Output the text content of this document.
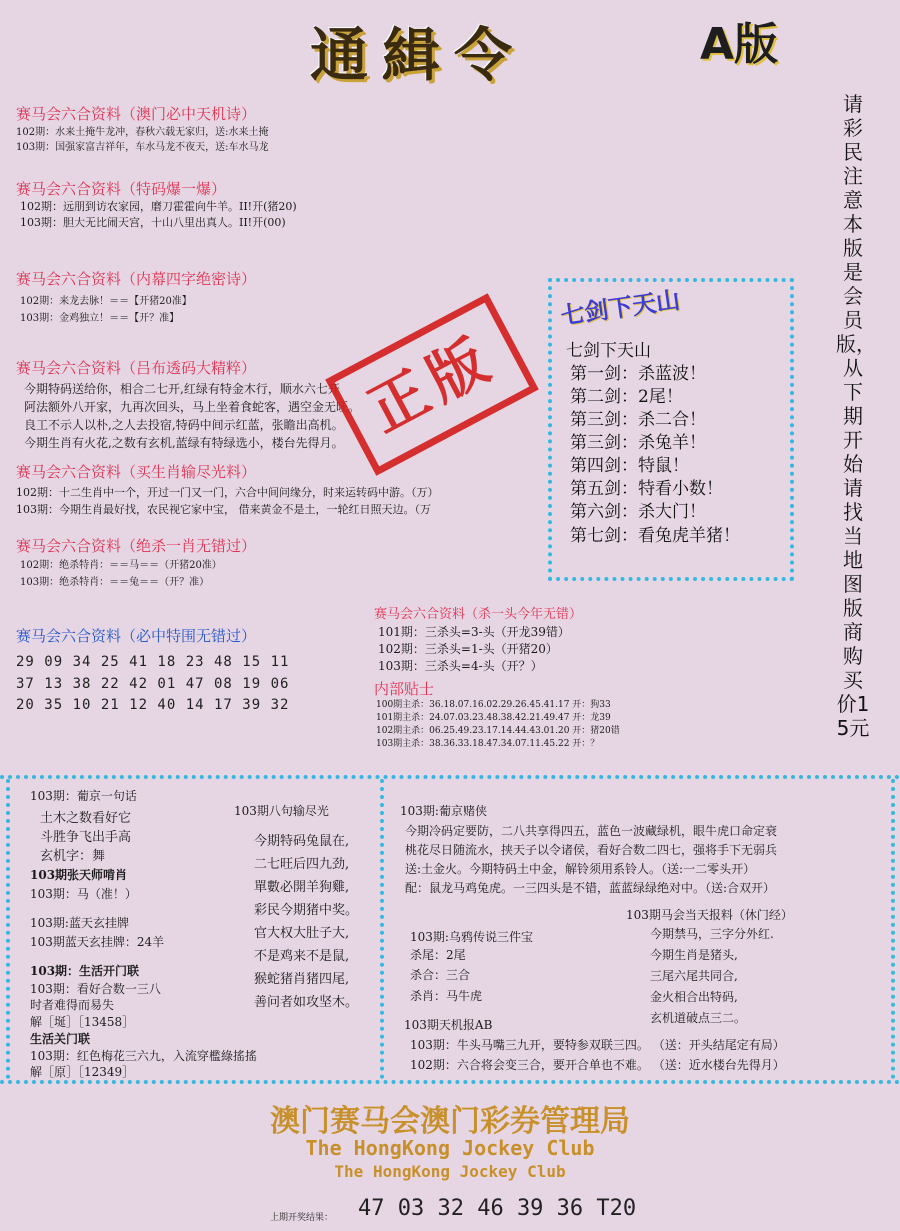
通緝令	A版
请彩民注意本版是会员版，从下期开始请找当地图版商购买价15元
赛马会六合资料（澳门必中天机诗）
102期：水来土掩牛龙冲，春秋六载无家归，送:水来土掩
103期：国强家富吉祥年，车水马龙不夜天，送:车水马龙
赛马会六合资料（特码爆一爆）
102期：远朋到访农家园，磨刀霍霍向牛羊。II!开(猪20)
103期：胆大无比闹天宫，十山八里出真人。II!开(00)
赛马会六合资料（内幕四字绝密诗）
102期：来龙去脉！＝＝【开猪20准】
103期：金鸡独立！＝＝【开？准】
赛马会六合资料（吕布透码大精粹）
今期特码送给你，相合二七开,红绿有特金木行，顺水六七开
阿法额外八开家，九再次回头，马上坐着食蛇客，遇空金无旺。
良工不示人以朴,之人去投宿,特码中间示红蓝，张瞻出高机。
今期生肖有火花,之数有玄机,蓝绿有特绿选小，楼台先得月。 正版
赛马会六合资料（买生肖输尽光料）
102期：十二生肖中一个，开过一门又一门，六合中间问缘分，时来运转码中游。（万）
103期：今期生肖最好找，农民视它家中宝， 借来黄金不是土，一轮红日照天边。（万
赛马会六合资料（绝杀一肖无错过）
102期：绝杀特肖：＝＝马＝＝（开猪20准）
103期：绝杀特肖：＝＝兔＝＝（开？准）
赛马会六合资料（必中特围无错过）
29 09 34 25 41 18 23 48 15 11
37 13 38 22 42 01 47 08 19 06
20 35 10 21 12 40 14 17 39 32
七剑下天山
七剑下天山
第一剑：杀蓝波！
第二剑：2尾！
第三剑：杀二合！
第三剑：杀兔羊！
第四剑：特鼠！
第五剑：特看小数！
第六剑：杀大门！
第七剑：看兔虎羊猪！
赛马会六合资料（杀一头今年无错）
101期：三杀头=3-头（开龙39错）
102期：三杀头=1-头（开猪20）
103期：三杀头=4-头（开？）
内部贴士
100期主杀：36.18.07.16.02.29.26.45.41.17 开：狗33
101期主杀：24.07.03.23.48.38.42.21.49.47 开：龙39
102期主杀：06.25.49.23.17.14.44.43.01.20 开：猪20错
103期主杀：38.36.33.18.47.34.07.11.45.22 开：？
103期：葡京一句话
土木之数看好它
斗胜争飞出手高
玄机字：舞
103期张天师啃肖
103期：马（准！）
103期:蓝天玄挂牌
103期蓝天玄挂牌：24羊
103期：生活开门联
103期：看好合数一三八
时者难得而易失
解［埏］［13458］
生活关门联
103期：红色梅花三六九，入流穿檻綠搖搖
解［原］［12349］
103期八句输尽光
今期特码兔鼠在,
二七旺后四九劲,
單數必開羊狗雞,
彩民今期猪中奖。
官大权大肚子大,
不是鸡来不是鼠,
猴蛇猪肖猪四尾,
善问者如攻坚木。
103期:葡京赌侠
今期冷码定要防，二八共享得四五，蓝色一波藏绿机，眼牛虎口命定衰
桃花尽日随流水，挟天子以令诸侯，看好合数二四七，强将手下无弱兵
送:土金火。今期特码土中金，解铃须用系铃人。（送:一二零头开）
配：鼠龙马鸡兔虎。一三四头是不错，蓝蓝绿绿绝对中。（送:合双开）
103期:乌鸦传说三件宝
杀尾：2尾
杀合：三合
杀肖：马牛虎
103期马会当天报料（休门经）
今期禁马，三字分外红.
今期生肖是猪头,
三尾六尾共同合,
金火相合出特码,
玄机道破点三二。
103期天机报AB
103期：牛头马嘴三九开，要特参双联三四。 （送：开头结尾定有局）
102期：六合将会变三合，要开合单也不难。 （送：近水楼台先得月）
澳门赛马会澳门彩券管理局
The HongKong Jockey Club
The HongKong Jockey Club
上期开奖结果： 47 03 32 46 39 36 T20
